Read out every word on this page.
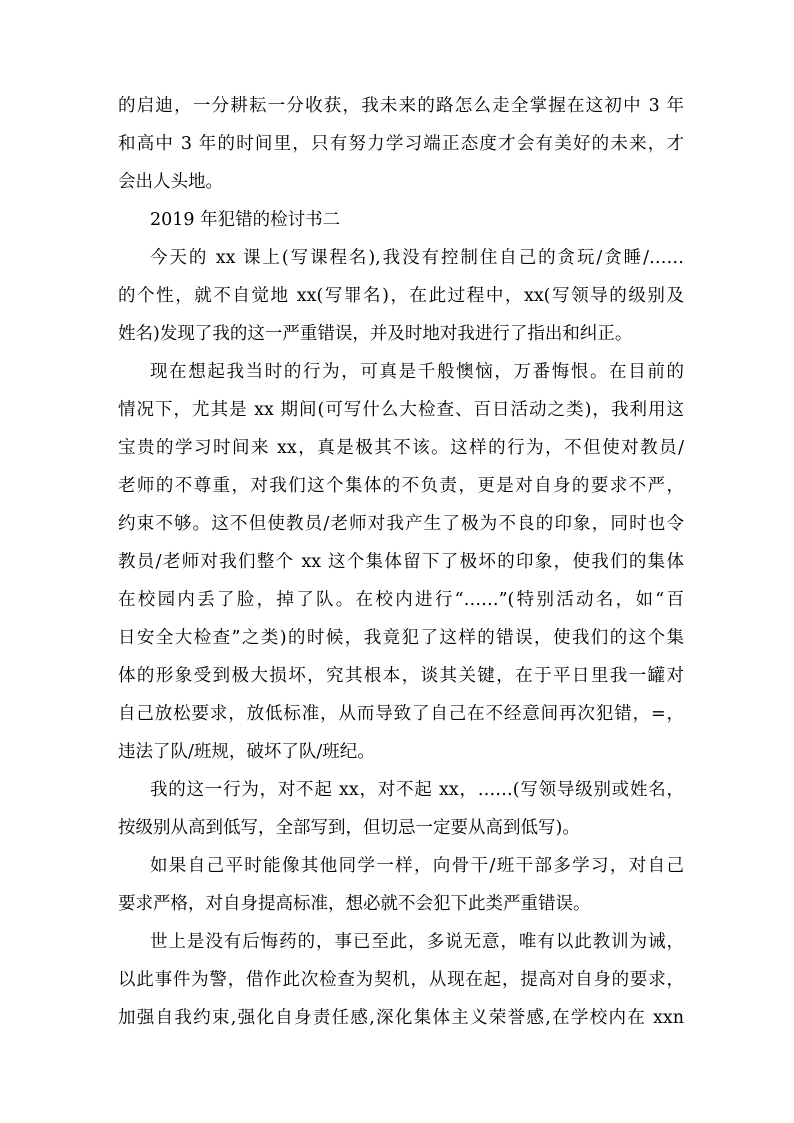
的启迪，一分耕耘一分收获，我未来的路怎么走全掌握在这初中 3 年
和高中 3 年的时间里，只有努力学习端正态度才会有美好的未来，才
会出人头地。
2019 年犯错的检讨书二
今天的 xx 课上(写课程名),我没有控制住自己的贪玩/贪睡/……
的个性，就不自觉地 xx(写罪名)，在此过程中，xx(写领导的级别及
姓名)发现了我的这一严重错误，并及时地对我进行了指出和纠正。
现在想起我当时的行为，可真是千般懊恼，万番悔恨。在目前的
情况下，尤其是 xx 期间(可写什么大检查、百日活动之类)，我利用这
宝贵的学习时间来 xx，真是极其不该。这样的行为，不但使对教员/
老师的不尊重，对我们这个集体的不负责，更是对自身的要求不严，
约束不够。这不但使教员/老师对我产生了极为不良的印象，同时也令
教员/老师对我们整个 xx 这个集体留下了极坏的印象，使我们的集体
在校园内丢了脸，掉了队。在校内进行“……”(特别活动名，如“百
日安全大检查”之类)的时候，我竟犯了这样的错误，使我们的这个集
体的形象受到极大损坏，究其根本，谈其关键，在于平日里我一罐对
自己放松要求，放低标准，从而导致了自己在不经意间再次犯错，=，
违法了队/班规，破坏了队/班纪。
我的这一行为，对不起 xx，对不起 xx，……(写领导级别或姓名，
按级别从高到低写，全部写到，但切忌一定要从高到低写)。
如果自己平时能像其他同学一样，向骨干/班干部多学习，对自己
要求严格，对自身提高标准，想必就不会犯下此类严重错误。
世上是没有后悔药的，事已至此，多说无意，唯有以此教训为诫，
以此事件为警，借作此次检查为契机，从现在起，提高对自身的要求，
加强自我约束,强化自身责任感,深化集体主义荣誉感,在学校内在 xxn
